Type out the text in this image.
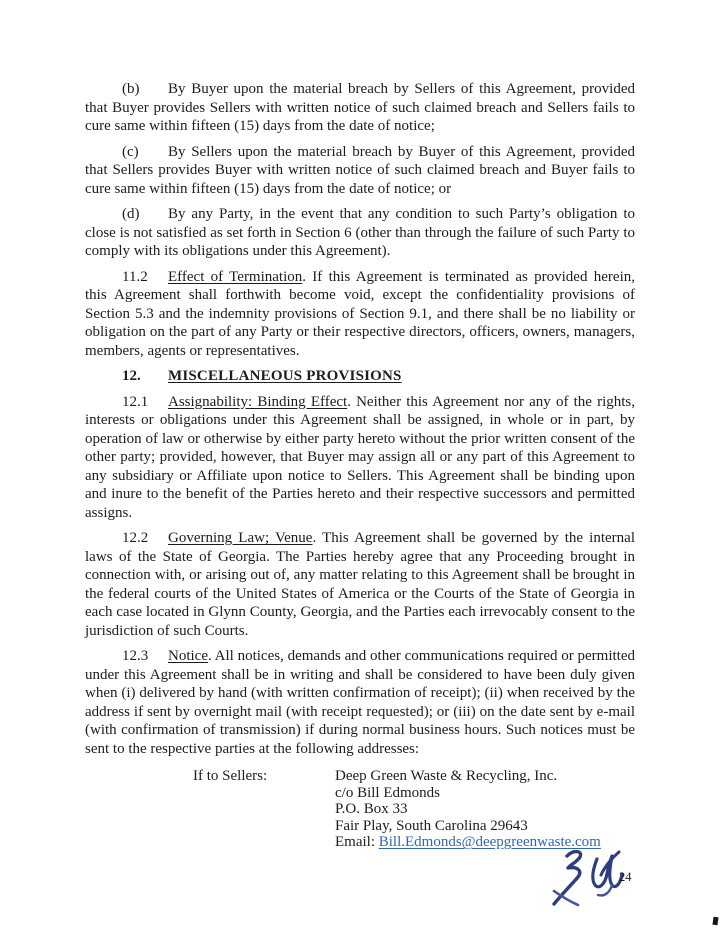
(b) By Buyer upon the material breach by Sellers of this Agreement, provided that Buyer provides Sellers with written notice of such claimed breach and Sellers fails to cure same within fifteen (15) days from the date of notice;

(c) By Sellers upon the material breach by Buyer of this Agreement, provided that Sellers provides Buyer with written notice of such claimed breach and Buyer fails to cure same within fifteen (15) days from the date of notice; or

(d) By any Party, in the event that any condition to such Party’s obligation to close is not satisfied as set forth in Section 6 (other than through the failure of such Party to comply with its obligations under this Agreement).

11.2 Effect of Termination. If this Agreement is terminated as provided herein, this Agreement shall forthwith become void, except the confidentiality provisions of Section 5.3 and the indemnity provisions of Section 9.1, and there shall be no liability or obligation on the part of any Party or their respective directors, officers, owners, managers, members, agents or representatives.

12. MISCELLANEOUS PROVISIONS

12.1 Assignability: Binding Effect. Neither this Agreement nor any of the rights, interests or obligations under this Agreement shall be assigned, in whole or in part, by operation of law or otherwise by either party hereto without the prior written consent of the other party; provided, however, that Buyer may assign all or any part of this Agreement to any subsidiary or Affiliate upon notice to Sellers. This Agreement shall be binding upon and inure to the benefit of the Parties hereto and their respective successors and permitted assigns.

12.2 Governing Law; Venue. This Agreement shall be governed by the internal laws of the State of Georgia. The Parties hereby agree that any Proceeding brought in connection with, or arising out of, any matter relating to this Agreement shall be brought in the federal courts of the United States of America or the Courts of the State of Georgia in each case located in Glynn County, Georgia, and the Parties each irrevocably consent to the jurisdiction of such Courts.

12.3 Notice. All notices, demands and other communications required or permitted under this Agreement shall be in writing and shall be considered to have been duly given when (i) delivered by hand (with written confirmation of receipt); (ii) when received by the address if sent by overnight mail (with receipt requested); or (iii) on the date sent by e-mail (with confirmation of transmission) if during normal business hours. Such notices must be sent to the respective parties at the following addresses:

If to Sellers:	Deep Green Waste & Recycling, Inc.
c/o Bill Edmonds
P.O. Box 33
Fair Play, South Carolina 29643
Email: Bill.Edmonds@deepgreenwaste.com
24
